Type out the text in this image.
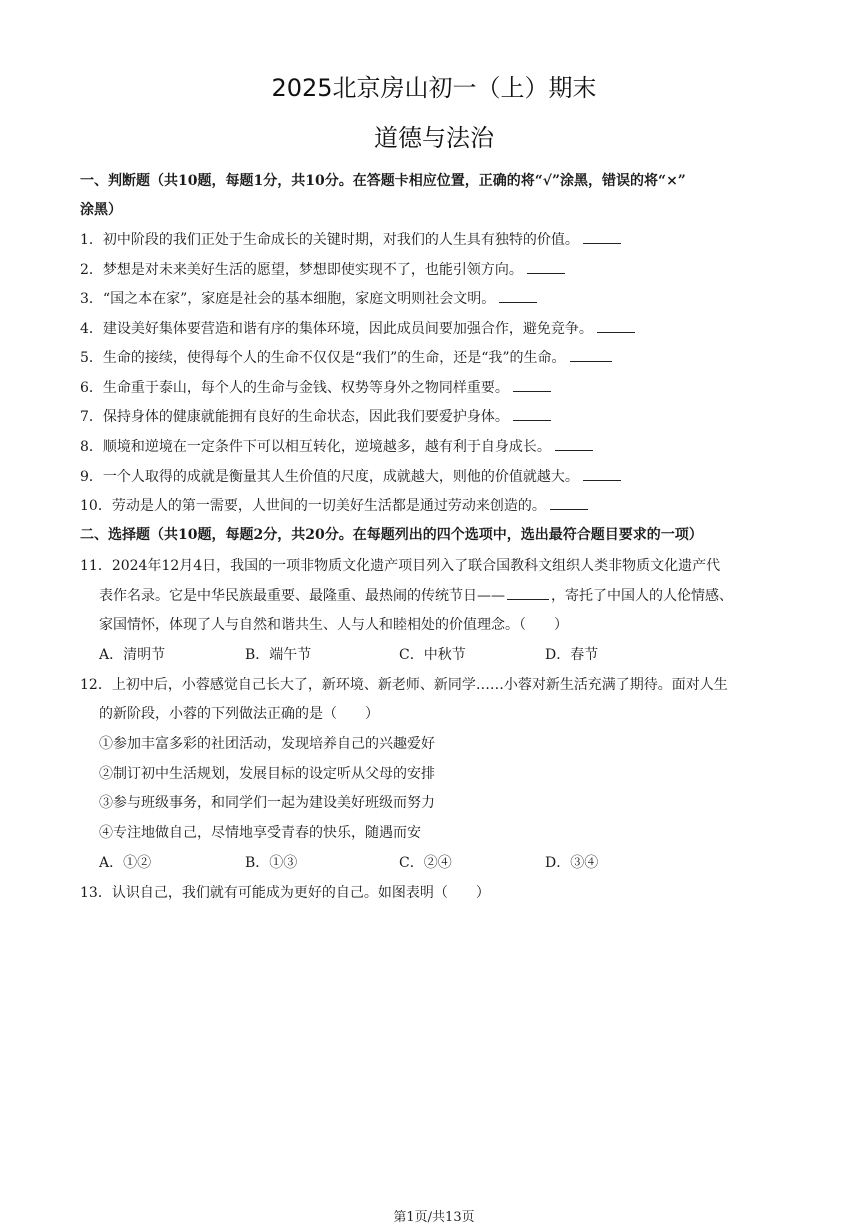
2025北京房山初一（上）期末
道德与法治
一、判断题（共10题，每题1分，共10分。在答题卡相应位置，正确的将“√”涂黑，错误的将“×”
涂黑）
1．初中阶段的我们正处于生命成长的关键时期，对我们的人生具有独特的价值。
2．梦想是对未来美好生活的愿望，梦想即使实现不了，也能引领方向。
3．“国之本在家”，家庭是社会的基本细胞，家庭文明则社会文明。
4．建设美好集体要营造和谐有序的集体环境，因此成员间要加强合作，避免竞争。
5．生命的接续，使得每个人的生命不仅仅是“我们”的生命，还是“我”的生命。
6．生命重于泰山，每个人的生命与金钱、权势等身外之物同样重要。
7．保持身体的健康就能拥有良好的生命状态，因此我们要爱护身体。
8．顺境和逆境在一定条件下可以相互转化，逆境越多，越有利于自身成长。
9．一个人取得的成就是衡量其人生价值的尺度，成就越大，则他的价值就越大。
10．劳动是人的第一需要，人世间的一切美好生活都是通过劳动来创造的。
二、选择题（共10题，每题2分，共20分。在每题列出的四个选项中，选出最符合题目要求的一项）
11．2024年12月4日，我国的一项非物质文化遗产项目列入了联合国教科文组织人类非物质文化遗产代
表作名录。它是中华民族最重要、最隆重、最热闹的传统节日——	，寄托了中国人的人伦情感、
家国情怀，体现了人与自然和谐共生、人与人和睦相处的价值理念。（　　）
A．清明节	B．端午节	C．中秋节	D．春节
12．上初中后，小蓉感觉自己长大了，新环境、新老师、新同学……小蓉对新生活充满了期待。面对人生
的新阶段，小蓉的下列做法正确的是（　　）
①参加丰富多彩的社团活动，发现培养自己的兴趣爱好
②制订初中生活规划，发展目标的设定听从父母的安排
③参与班级事务，和同学们一起为建设美好班级而努力
④专注地做自己，尽情地享受青春的快乐，随遇而安
A．①②	B．①③	C．②④	D．③④
13．认识自己，我们就有可能成为更好的自己。如图表明（　　）
第1页/共13页
